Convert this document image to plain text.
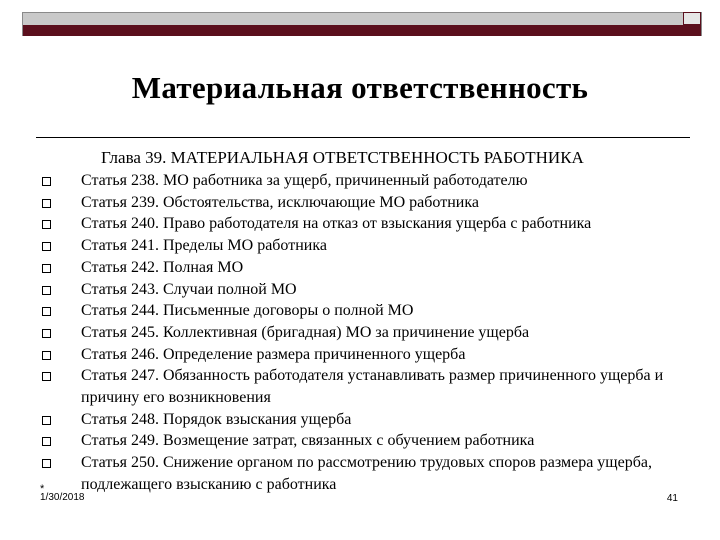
Материальная ответственность
Глава 39. МАТЕРИАЛЬНАЯ ОТВЕТСТВЕННОСТЬ РАБОТНИКА
Статья 238. МО работника за ущерб, причиненный работодателю
Статья 239. Обстоятельства, исключающие МО работника
Статья 240. Право работодателя на отказ от взыскания ущерба с работника
Статья 241. Пределы МО работника
Статья 242. Полная МО
Статья 243. Случаи полной МО
Статья 244. Письменные договоры о полной МО
Статья 245. Коллективная (бригадная) МО за причинение ущерба
Статья 246. Определение размера причиненного ущерба
Статья 247. Обязанность работодателя устанавливать размер причиненного ущерба и причину его возникновения
Статья 248. Порядок взыскания ущерба
Статья 249. Возмещение затрат, связанных с обучением работника
Статья 250. Снижение органом по рассмотрению трудовых споров размера ущерба, подлежащего взысканию с работника
*
1/30/2018	41
